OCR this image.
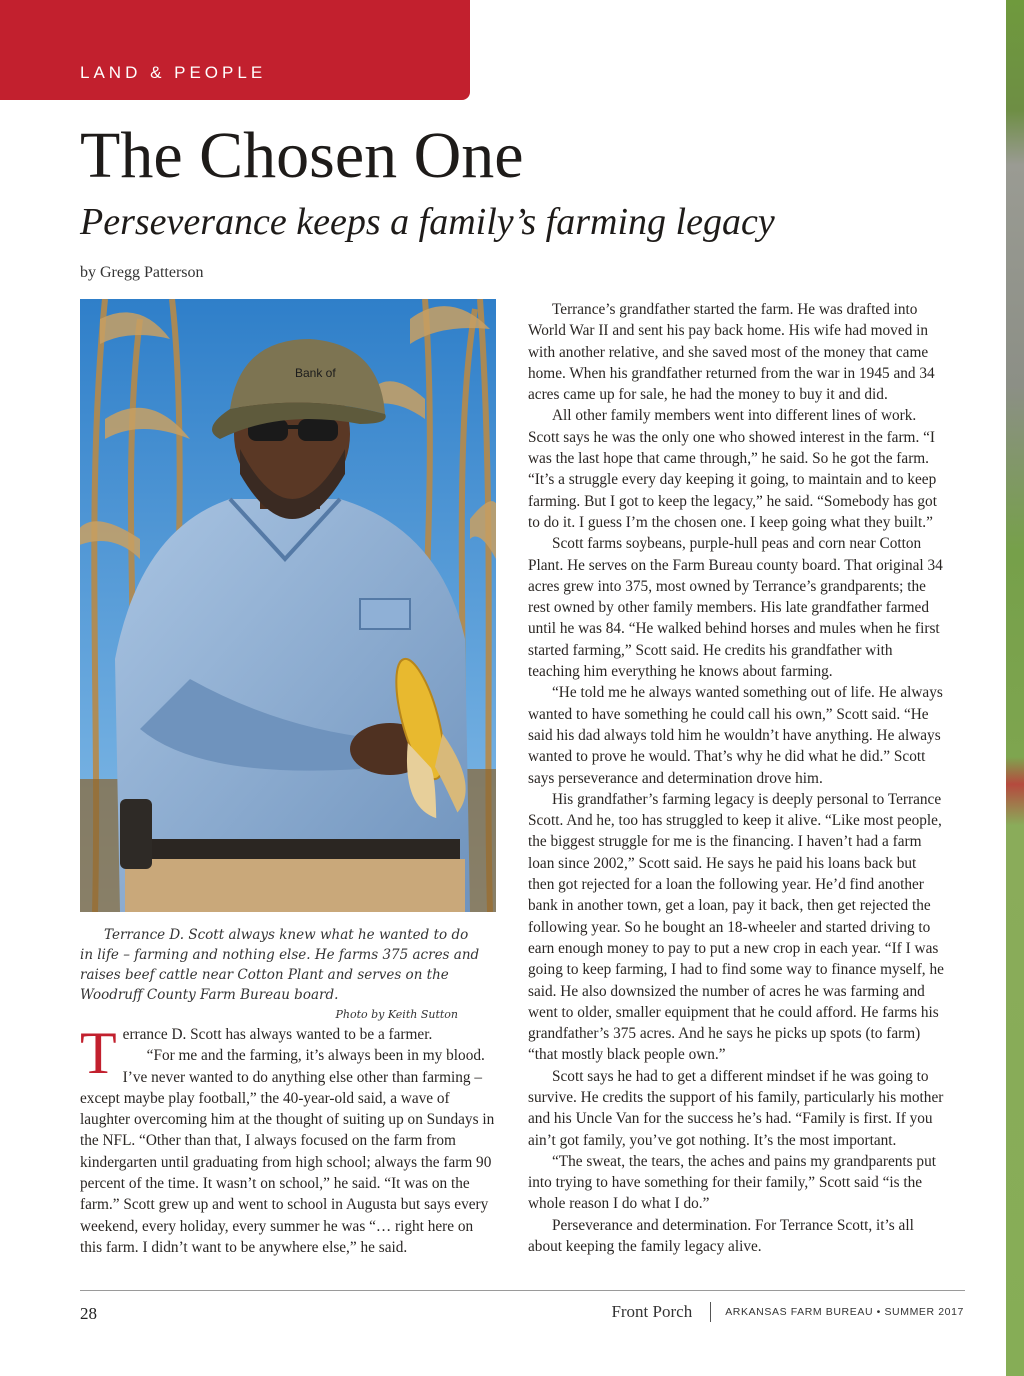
LAND & PEOPLE
The Chosen One
Perseverance keeps a family’s farming legacy
by Gregg Patterson
Bank of

Terrance D. Scott always knew what he wanted to do in life – farming and nothing else. He farms 375 acres and raises beef cattle near Cotton Plant and serves on the Woodruff County Farm Bureau board.
Photo by Keith Sutton

Terrance D. Scott has always wanted to be a farmer.

“For me and the farming, it’s always been in my blood. I’ve never wanted to do anything else other than farming – except maybe play football,” the 40-year-old said, a wave of laughter overcoming him at the thought of suiting up on Sundays in the NFL. “Other than that, I always focused on the farm from kindergarten until graduating from high school; always the farm 90 percent of the time. It wasn’t on school,” he said. “It was on the farm.” Scott grew up and went to school in Augusta but says every weekend, every holiday, every summer he was “… right here on this farm. I didn’t want to be anywhere else,” he said.

Terrance’s grandfather started the farm. He was drafted into World War II and sent his pay back home. His wife had moved in with another relative, and she saved most of the money that came home. When his grandfather returned from the war in 1945 and 34 acres came up for sale, he had the money to buy it and did.

All other family members went into different lines of work. Scott says he was the only one who showed interest in the farm. “I was the last hope that came through,” he said. So he got the farm. “It’s a struggle every day keeping it going, to maintain and to keep farming. But I got to keep the legacy,” he said. “Somebody has got to do it. I guess I’m the chosen one. I keep going what they built.”

Scott farms soybeans, purple-hull peas and corn near Cotton Plant. He serves on the Farm Bureau county board. That original 34 acres grew into 375, most owned by Terrance’s grandparents; the rest owned by other family members. His late grandfather farmed until he was 84. “He walked behind horses and mules when he first started farming,” Scott said. He credits his grandfather with teaching him everything he knows about farming.

“He told me he always wanted something out of life. He always wanted to have something he could call his own,” Scott said. “He said his dad always told him he wouldn’t have anything. He always wanted to prove he would. That’s why he did what he did.” Scott says perseverance and determination drove him.

His grandfather’s farming legacy is deeply personal to Terrance Scott. And he, too has struggled to keep it alive. “Like most people, the biggest struggle for me is the financing. I haven’t had a farm loan since 2002,” Scott said. He says he paid his loans back but then got rejected for a loan the following year. He’d find another bank in another town, get a loan, pay it back, then get rejected the following year. So he bought an 18-wheeler and started driving to earn enough money to pay to put a new crop in each year. “If I was going to keep farming, I had to find some way to finance myself, he said. He also downsized the number of acres he was farming and went to older, smaller equipment that he could afford. He farms his grandfather’s 375 acres. And he says he picks up spots (to farm) “that mostly black people own.”

Scott says he had to get a different mindset if he was going to survive. He credits the support of his family, particularly his mother and his Uncle Van for the success he’s had. “Family is first. If you ain’t got family, you’ve got nothing. It’s the most important.

“The sweat, the tears, the aches and pains my grandparents put into trying to have something for their family,” Scott said “is the whole reason I do what I do.”

Perseverance and determination. For Terrance Scott, it’s all about keeping the family legacy alive.

28	Front Porch	ARKANSAS FARM BUREAU • SUMMER 2017
